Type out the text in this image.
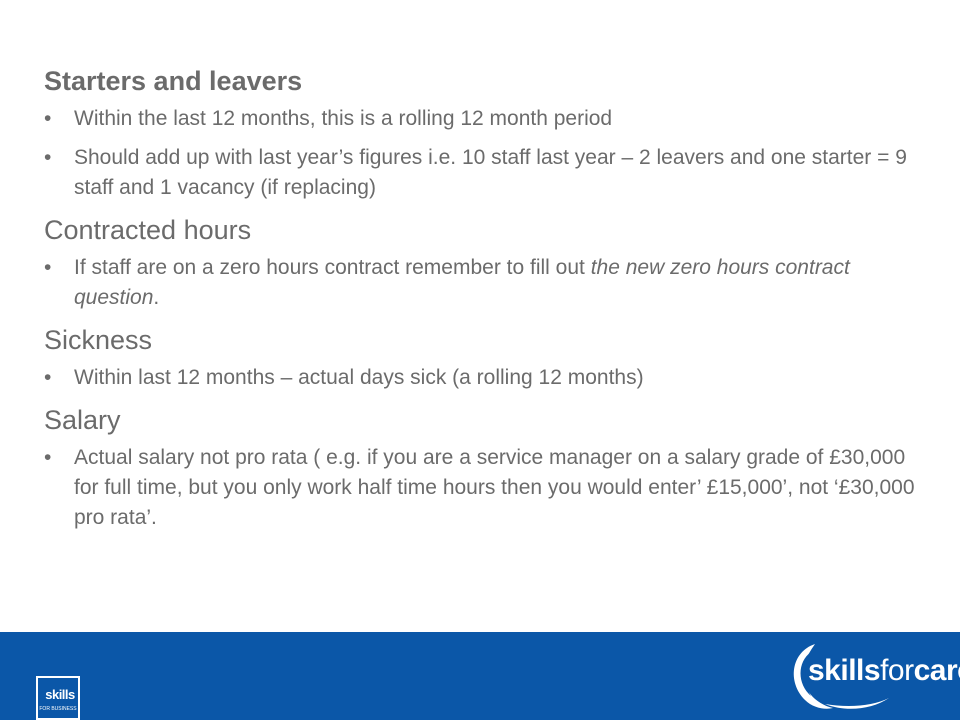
Starters and leavers
• Within the last 12 months, this is a rolling 12 month period
• Should add up with last year’s figures i.e. 10 staff last year – 2 leavers and one starter = 9 staff and 1 vacancy (if replacing)
Contracted hours
• If staff are on a zero hours contract remember to fill out the new zero hours contract question.
Sickness
• Within last 12 months – actual days sick (a rolling 12 months)
Salary
• Actual salary not pro rata ( e.g. if you are a service manager on a salary grade of £30,000 for full time, but you only work half time hours then you would enter’ £15,000’, not ‘£30,000 pro rata’.
skills
FOR BUSINESS
skillsforcare
